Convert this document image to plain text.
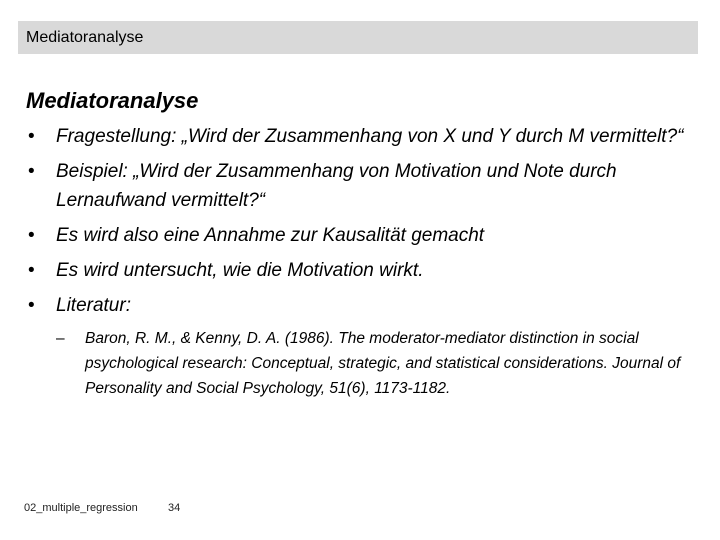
Mediatoranalyse
Mediatoranalyse
• Fragestellung: „Wird der Zusammenhang von X und Y durch M vermittelt?“
• Beispiel: „Wird der Zusammenhang von Motivation und Note durch Lernaufwand vermittelt?“
• Es wird also eine Annahme zur Kausalität gemacht
• Es wird untersucht, wie die Motivation wirkt.
• Literatur:
– Baron, R. M., & Kenny, D. A. (1986). The moderator-mediator distinction in social psychological research: Conceptual, strategic, and statistical considerations. Journal of Personality and Social Psychology, 51(6), 1173-1182.
02_multiple_regression	34
